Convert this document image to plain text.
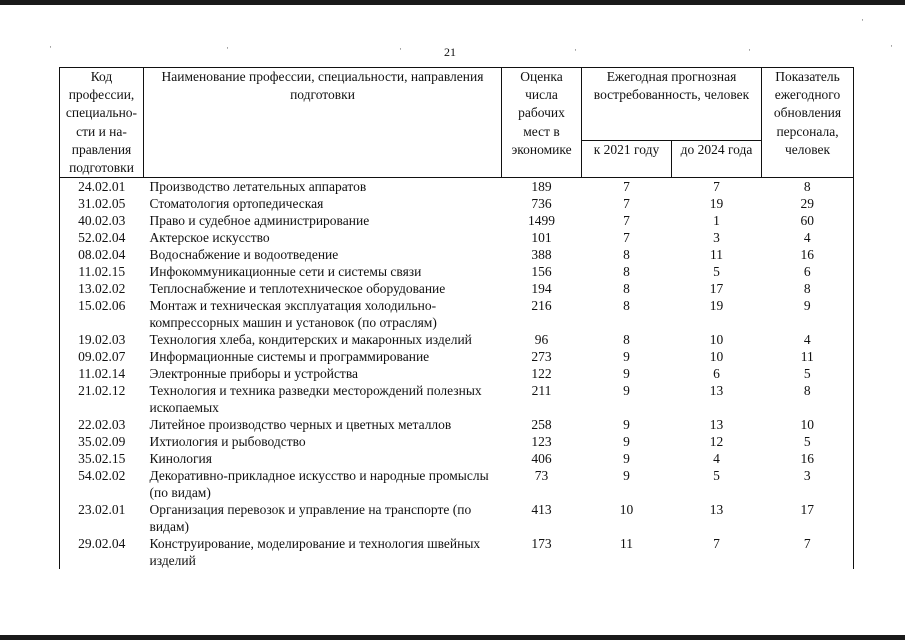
·	·	·	·	·
·
·
21
Код профессии, специально-сти и на-правления подготовки	Наименование профессии, специальности, направления подготовки	Оценка числа рабочих мест в экономике	Ежегодная прогнозная востребованность, человек		Показатель ежегодного обновления персонала, человек
			к 2021 году	до 2024 года	
24.02.01	Производство летательных аппаратов	189	7	7	8
31.02.05	Стоматология ортопедическая	736	7	19	29
40.02.03	Право и судебное администрирование	1499	7	1	60
52.02.04	Актерское искусство	101	7	3	4
08.02.04	Водоснабжение и водоотведение	388	8	11	16
11.02.15	Инфокоммуникационные сети и системы связи	156	8	5	6
13.02.02	Теплоснабжение и теплотехническое оборудование	194	8	17	8
15.02.06	Монтаж и техническая эксплуатация холодильно-компрессорных машин и установок (по отраслям)	216	8	19	9
19.02.03	Технология хлеба, кондитерских и макаронных изделий	96	8	10	4
09.02.07	Информационные системы и программирование	273	9	10	11
11.02.14	Электронные приборы и устройства	122	9	6	5
21.02.12	Технология и техника разведки месторождений полезных ископаемых	211	9	13	8
22.02.03	Литейное производство черных и цветных металлов	258	9	13	10
35.02.09	Ихтиология и рыбоводство	123	9	12	5
35.02.15	Кинология	406	9	4	16
54.02.02	Декоративно-прикладное искусство и народные промыслы (по видам)	73	9	5	3
23.02.01	Организация перевозок и управление на транспорте (по видам)	413	10	13	17
29.02.04	Конструирование, моделирование и технология швейных изделий	173	11	7	7
